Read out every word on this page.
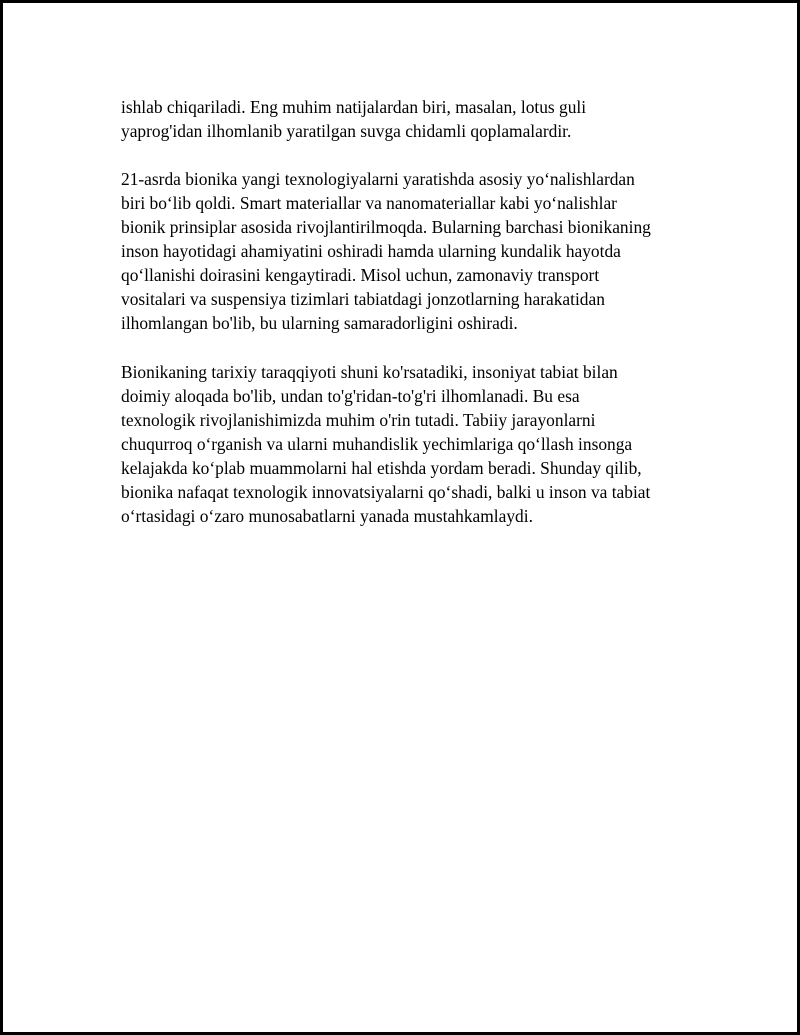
ishlab chiqariladi. Eng muhim natijalardan biri, masalan, lotus guli
yaprog'idan ilhomlanib yaratilgan suvga chidamli qoplamalardir.
21-asrda bionika yangi texnologiyalarni yaratishda asosiy yo‘nalishlardan
biri bo‘lib qoldi. Smart materiallar va nanomateriallar kabi yo‘nalishlar
bionik prinsiplar asosida rivojlantirilmoqda. Bularning barchasi bionikaning
inson hayotidagi ahamiyatini oshiradi hamda ularning kundalik hayotda
qo‘llanishi doirasini kengaytiradi. Misol uchun, zamonaviy transport
vositalari va suspensiya tizimlari tabiatdagi jonzotlarning harakatidan
ilhomlangan bo'lib, bu ularning samaradorligini oshiradi.
Bionikaning tarixiy taraqqiyoti shuni ko'rsatadiki, insoniyat tabiat bilan
doimiy aloqada bo'lib, undan to'g'ridan-to'g'ri ilhomlanadi. Bu esa
texnologik rivojlanishimizda muhim o'rin tutadi. Tabiiy jarayonlarni
chuqurroq o‘rganish va ularni muhandislik yechimlariga qo‘llash insonga
kelajakda ko‘plab muammolarni hal etishda yordam beradi. Shunday qilib,
bionika nafaqat texnologik innovatsiyalarni qo‘shadi, balki u inson va tabiat
o‘rtasidagi o‘zaro munosabatlarni yanada mustahkamlaydi.
